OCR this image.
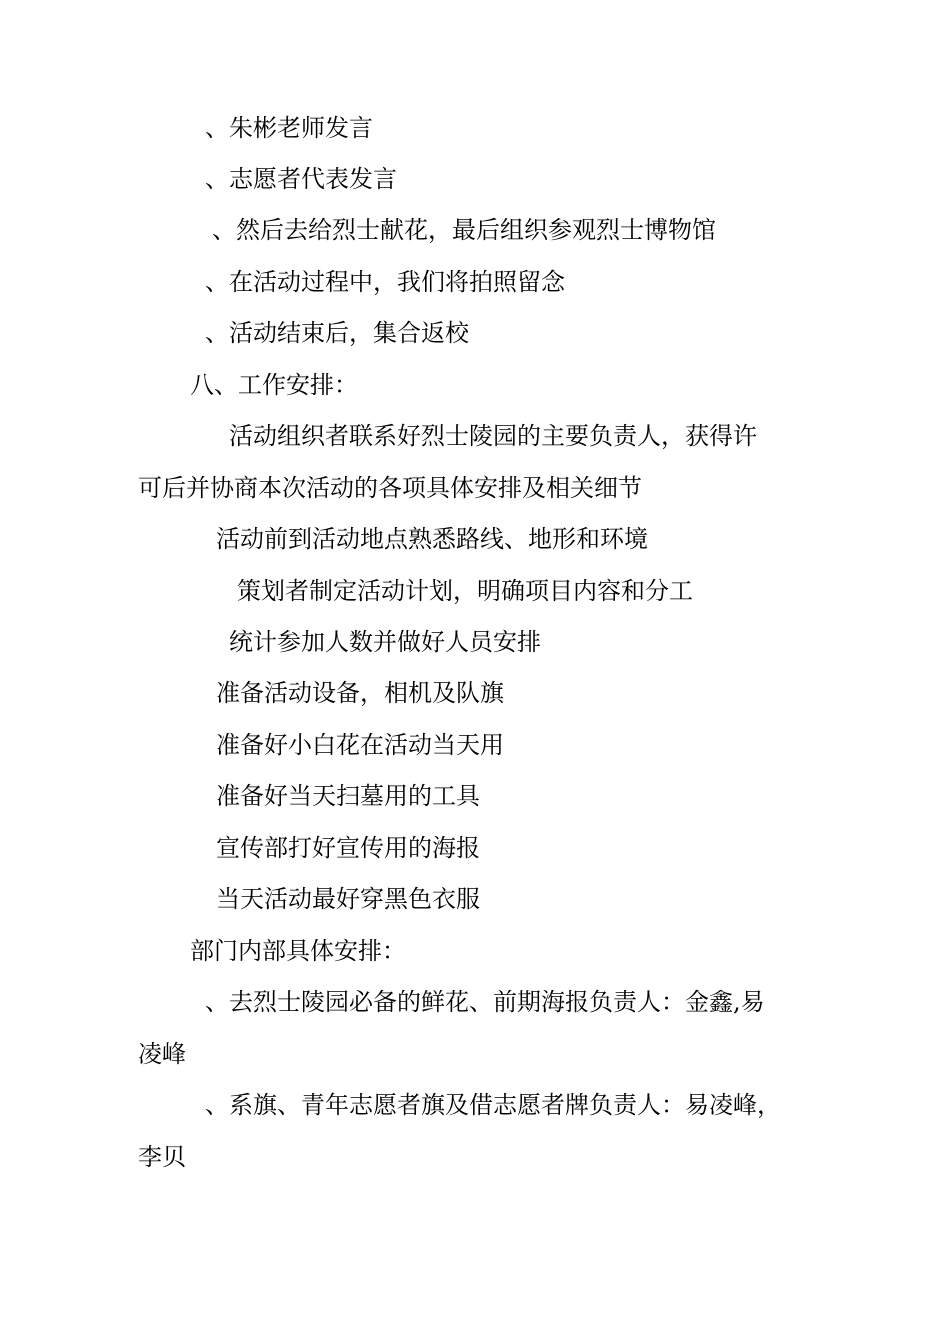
、朱彬老师发言
、志愿者代表发言
、然后去给烈士献花，最后组织参观烈士博物馆
、在活动过程中，我们将拍照留念
、活动结束后，集合返校
八、工作安排：
活动组织者联系好烈士陵园的主要负责人，获得许
可后并协商本次活动的各项具体安排及相关细节
活动前到活动地点熟悉路线、地形和环境
策划者制定活动计划，明确项目内容和分工
统计参加人数并做好人员安排
准备活动设备，相机及队旗
准备好小白花在活动当天用
准备好当天扫墓用的工具
宣传部打好宣传用的海报
当天活动最好穿黑色衣服
部门内部具体安排：
、去烈士陵园必备的鲜花、前期海报负责人：金鑫,易
凌峰
、系旗、青年志愿者旗及借志愿者牌负责人：易凌峰，
李贝
